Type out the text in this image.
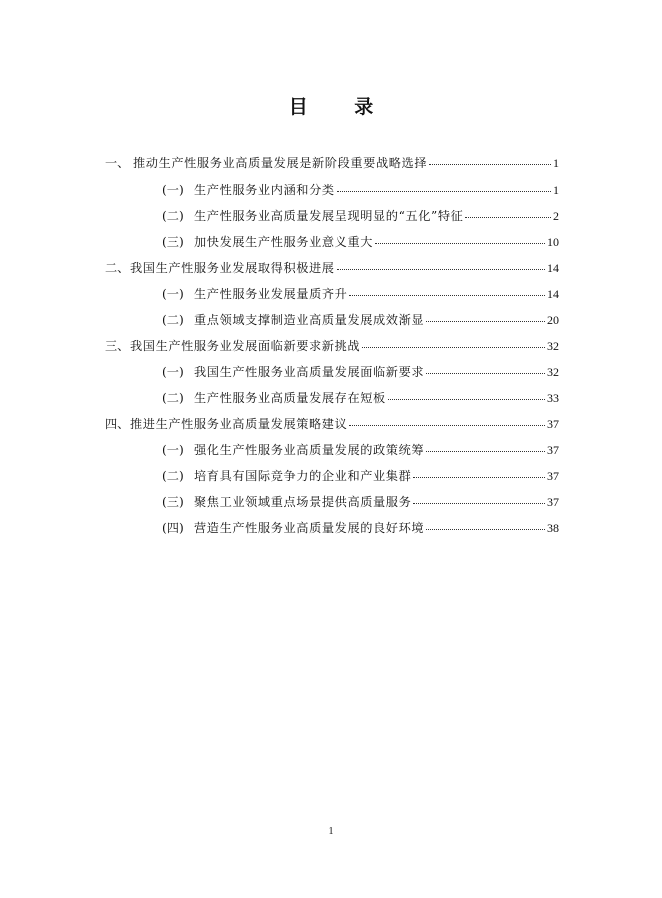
目 录
一、 推动生产性服务业高质量发展是新阶段重要战略选择	1
(一) 生产性服务业内涵和分类	1
(二) 生产性服务业高质量发展呈现明显的“五化”特征	2
(三) 加快发展生产性服务业意义重大	10
二、 我国生产性服务业发展取得积极进展	14
(一) 生产性服务业发展量质齐升	14
(二) 重点领域支撑制造业高质量发展成效渐显	20
三、 我国生产性服务业发展面临新要求新挑战	32
(一) 我国生产性服务业高质量发展面临新要求	32
(二) 生产性服务业高质量发展存在短板	33
四、 推进生产性服务业高质量发展策略建议	37
(一) 强化生产性服务业高质量发展的政策统筹	37
(二) 培育具有国际竞争力的企业和产业集群	37
(三) 聚焦工业领域重点场景提供高质量服务	37
(四) 营造生产性服务业高质量发展的良好环境	38
1
